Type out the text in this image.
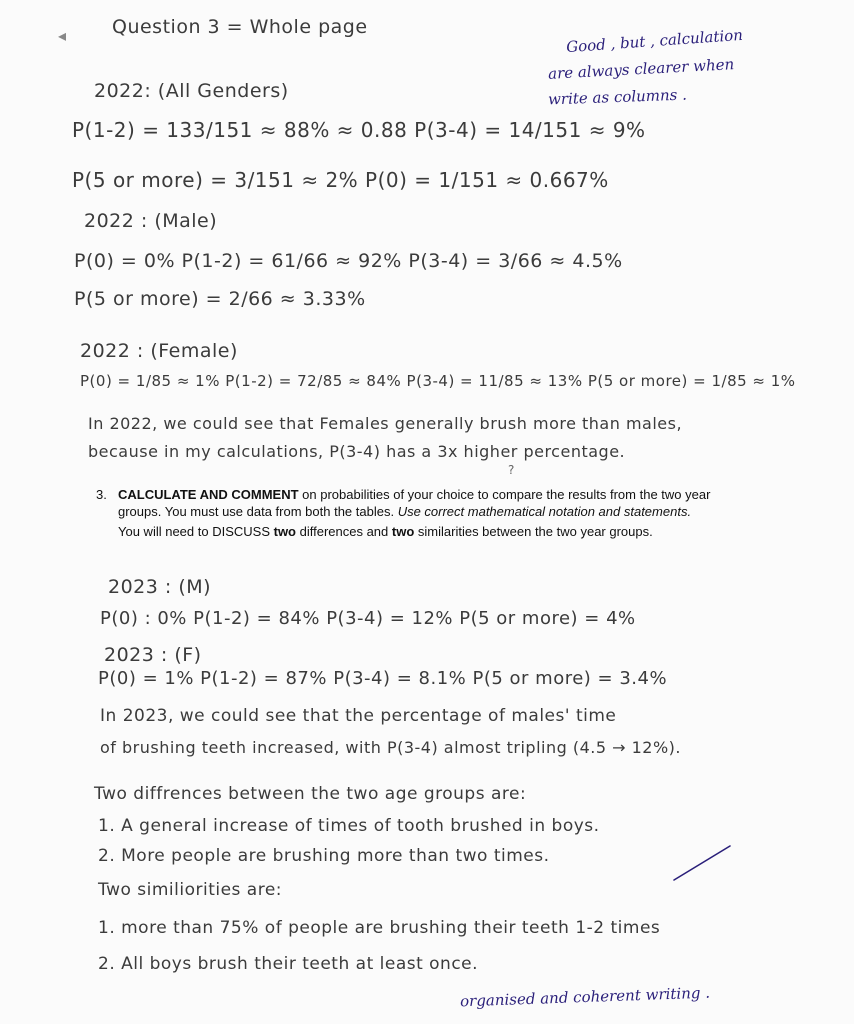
◂ Question 3 = Whole page	Good , but , calculation
are always clearer when
write as columns .
2022: (All Genders)
P(1-2) = 133/151 ≈ 88% ≈ 0.88 P(3-4) = 14/151 ≈ 9%
P(5 or more) = 3/151 ≈ 2% P(0) = 1/151 ≈ 0.667%
2022 : (Male)
P(0) = 0% P(1-2) = 61/66 ≈ 92% P(3-4) = 3/66 ≈ 4.5%
P(5 or more) = 2/66 ≈ 3.33%
2022 : (Female)
P(0) = 1/85 ≈ 1% P(1-2) = 72/85 ≈ 84% P(3-4) = 11/85 ≈ 13% P(5 or more) = 1/85 ≈ 1%
In 2022, we could see that Females generally brush more than males,
because in my calculations, P(3-4) has a 3x higher percentage.
?
3. CALCULATE AND COMMENT on probabilities of your choice to compare the results from the two year groups. You must use data from both the tables. Use correct mathematical notation and statements.
You will need to DISCUSS two differences and two similarities between the two year groups.
2023 : (M)
P(0) : 0% P(1-2) = 84% P(3-4) = 12% P(5 or more) = 4%
2023 : (F)
P(0) = 1% P(1-2) = 87% P(3-4) = 8.1% P(5 or more) = 3.4%
In 2023, we could see that the percentage of males' time
of brushing teeth increased, with P(3-4) almost tripling (4.5 → 12%).
Two diffrences between the two age groups are:
1. A general increase of times of tooth brushed in boys.
2. More people are brushing more than two times.
Two similiorities are:
1. more than 75% of people are brushing their teeth 1-2 times
2. All boys brush their teeth at least once.
organised and coherent writing .
